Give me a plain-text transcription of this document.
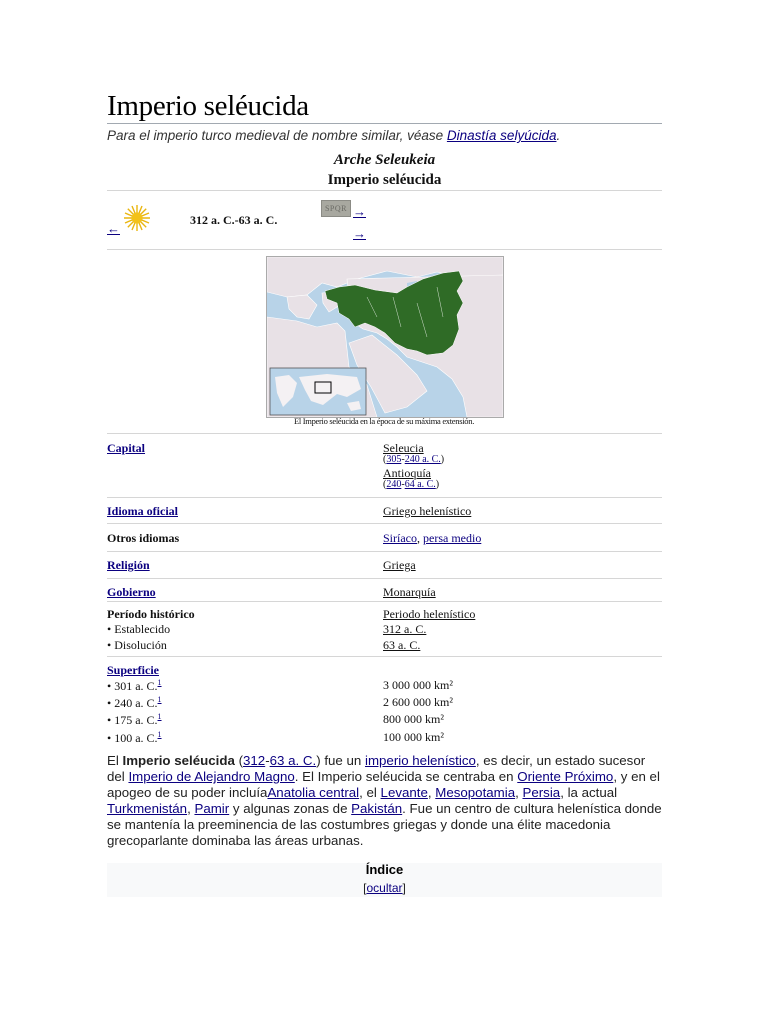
Imperio seléucida
Para el imperio turco medieval de nombre similar, véase Dinastía selyúcida.
Arche Seleukeia
Imperio seléucida
←
312 a. C.-63 a. C.
SPQR →
→
El Imperio seléucida en la época de su máxima extensión.
Capital	Seleucia
(305-240 a. C.)
Antioquía
(240-64 a. C.)
Idioma oficial	Griego helenístico
Otros idiomas	Siríaco, persa medio
Religión	Griega
Gobierno	Monarquía
Período histórico	Periodo helenístico
• Establecido	312 a. C.
• Disolución	63 a. C.
Superficie
• 301 a. C.$^1$	3 000 000 km²
• 240 a. C.$^1$	2 600 000 km²
• 175 a. C.$^1$	800 000 km²
• 100 a. C.$^1$	100 000 km²

El Imperio seléucida (312-63 a. C.) fue un imperio helenístico, es decir, un estado sucesor del Imperio de Alejandro Magno. El Imperio seléucida se centraba en Oriente Próximo, y en el apogeo de su poder incluíaAnatolia central, el Levante, Mesopotamia, Persia, la actual Turkmenistán, Pamir y algunas zonas de Pakistán. Fue un centro de cultura helenística donde se mantenía la preeminencia de las costumbres griegas y donde una élite macedonia grecoparlante dominaba las áreas urbanas.

Índice
[ocultar]
